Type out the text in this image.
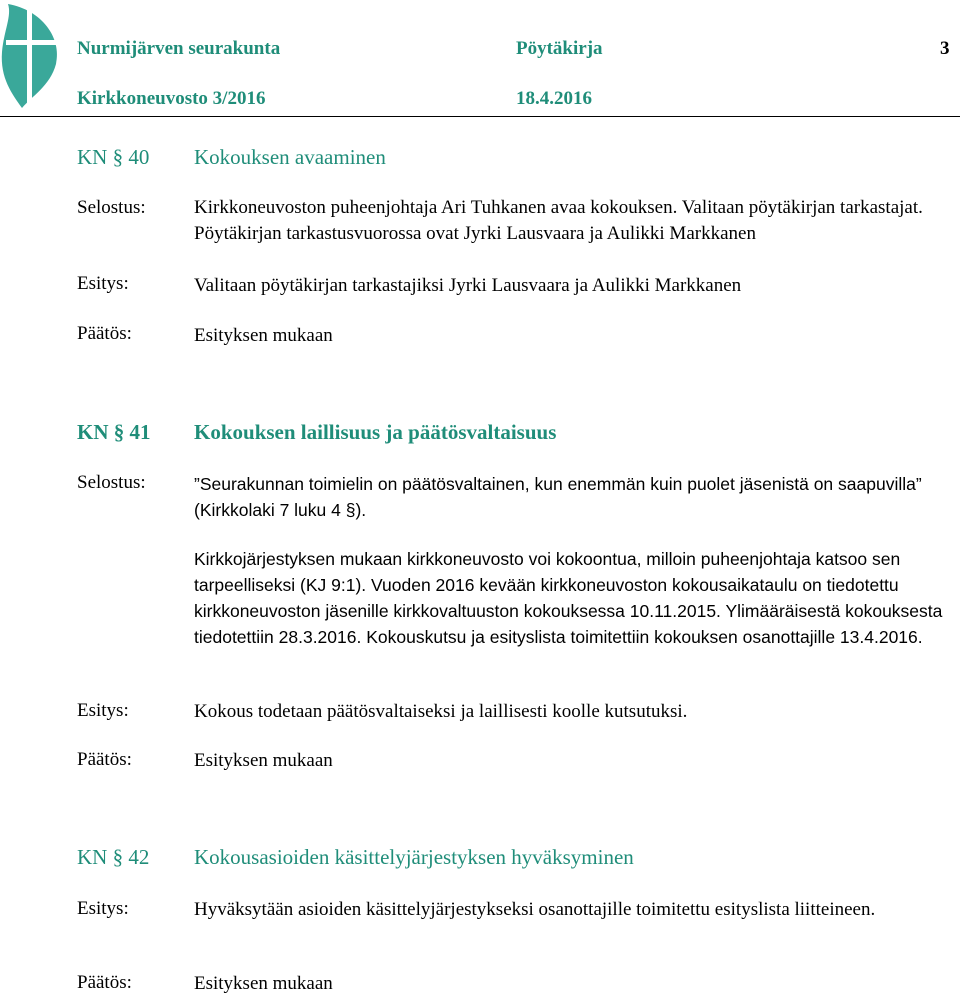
Nurmijärven seurakunta	Pöytäkirja	3
Kirkkoneuvosto 3/2016	18.4.2016
KN § 40 Kokouksen avaaminen
Selostus:	Kirkkoneuvoston puheenjohtaja Ari Tuhkanen avaa kokouksen. Valitaan pöytäkirjan tarkastajat. Pöytäkirjan tarkastusvuorossa ovat Jyrki Lausvaara ja Aulikki Markkanen
Esitys:	Valitaan pöytäkirjan tarkastajiksi Jyrki Lausvaara ja Aulikki Markkanen
Päätös:	Esityksen mukaan
KN § 41 Kokouksen laillisuus ja päätösvaltaisuus
Selostus:	”Seurakunnan toimielin on päätösvaltainen, kun enemmän kuin puolet jäsenistä on saapuvilla” (Kirkkolaki 7 luku 4 §).
Kirkkojärjestyksen mukaan kirkkoneuvosto voi kokoontua, milloin puheenjohtaja katsoo sen tarpeelliseksi (KJ 9:1). Vuoden 2016 kevään kirkkoneuvoston kokousaikataulu on tiedotettu kirkkoneuvoston jäsenille kirkkovaltuuston kokouksessa 10.11.2015. Ylimääräisestä kokouksesta tiedotettiin 28.3.2016. Kokouskutsu ja esityslista toimitettiin kokouksen osanottajille 13.4.2016.
Esitys:	Kokous todetaan päätösvaltaiseksi ja laillisesti koolle kutsutuksi.
Päätös:	Esityksen mukaan
KN § 42 Kokousasioiden käsittelyjärjestyksen hyväksyminen
Esitys:	Hyväksytään asioiden käsittelyjärjestykseksi osanottajille toimitettu esityslista liitteineen.
Päätös:	Esityksen mukaan
